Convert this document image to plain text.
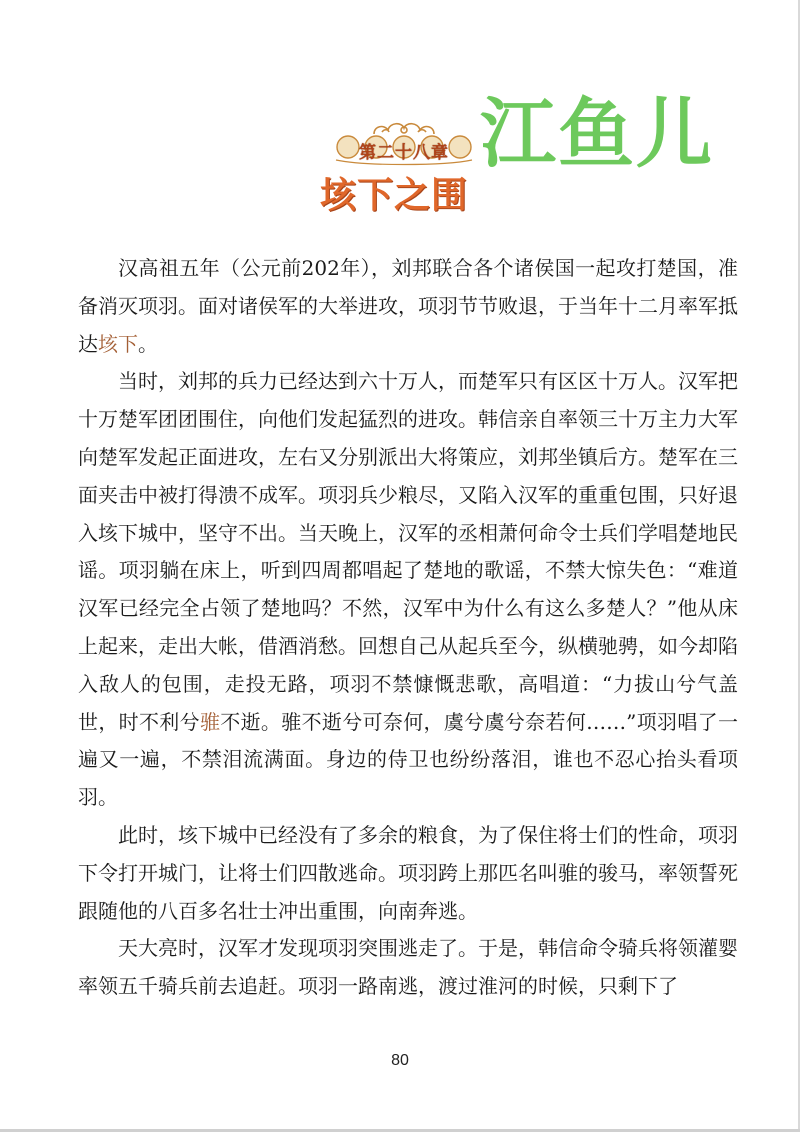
第二十八章 江鱼儿
垓下之围

汉高祖五年（公元前202年），刘邦联合各个诸侯国一起攻打楚国，准备消灭项羽。面对诸侯军的大举进攻，项羽节节败退，于当年十二月率军抵达垓下。

当时，刘邦的兵力已经达到六十万人，而楚军只有区区十万人。汉军把十万楚军团团围住，向他们发起猛烈的进攻。韩信亲自率领三十万主力大军向楚军发起正面进攻，左右又分别派出大将策应，刘邦坐镇后方。楚军在三面夹击中被打得溃不成军。项羽兵少粮尽，又陷入汉军的重重包围，只好退入垓下城中，坚守不出。当天晚上，汉军的丞相萧何命令士兵们学唱楚地民谣。项羽躺在床上，听到四周都唱起了楚地的歌谣，不禁大惊失色：“难道汉军已经完全占领了楚地吗？不然，汉军中为什么有这么多楚人？”他从床上起来，走出大帐，借酒消愁。回想自己从起兵至今，纵横驰骋，如今却陷入敌人的包围，走投无路，项羽不禁慷慨悲歌，高唱道：“力拔山兮气盖世，时不利兮骓不逝。骓不逝兮可奈何，虞兮虞兮奈若何……”项羽唱了一遍又一遍，不禁泪流满面。身边的侍卫也纷纷落泪，谁也不忍心抬头看项羽。

此时，垓下城中已经没有了多余的粮食，为了保住将士们的性命，项羽下令打开城门，让将士们四散逃命。项羽跨上那匹名叫骓的骏马，率领誓死跟随他的八百多名壮士冲出重围，向南奔逃。

天大亮时，汉军才发现项羽突围逃走了。于是，韩信命令骑兵将领灌婴率领五千骑兵前去追赶。项羽一路南逃，渡过淮河的时候，只剩下了

80
